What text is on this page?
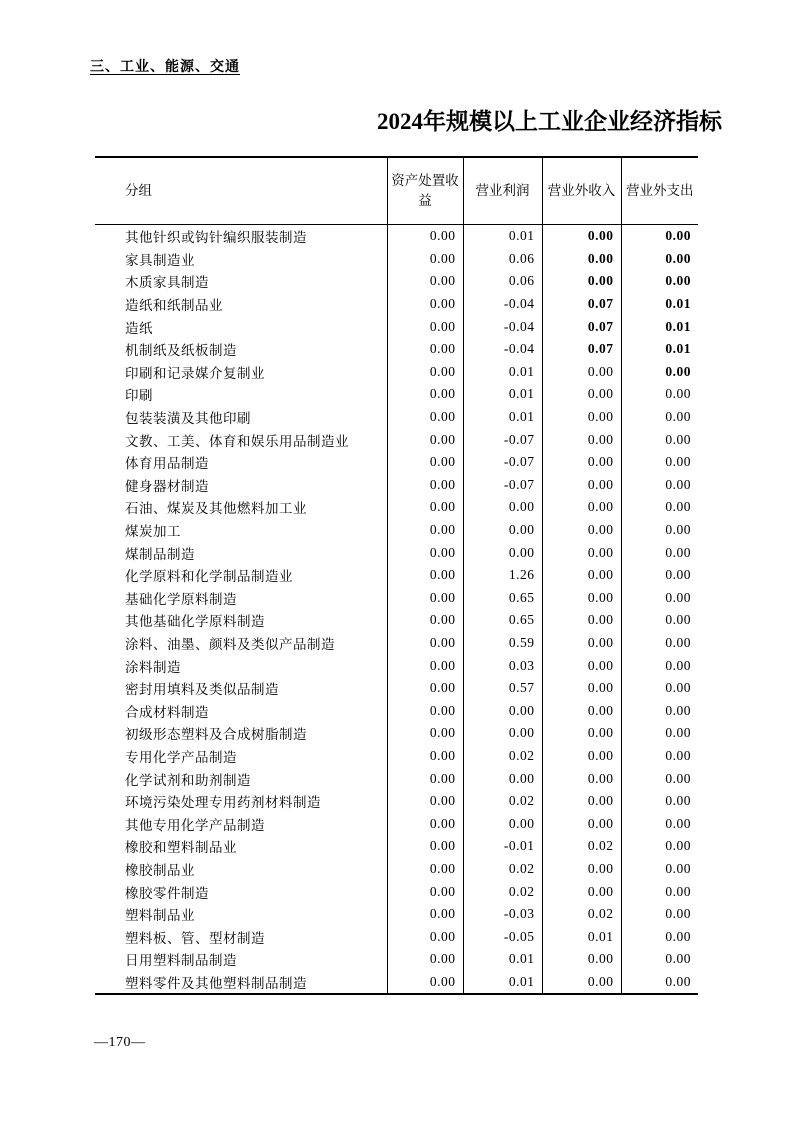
三、工业、能源、交通
2024年规模以上工业企业经济指标
分组	资产处置收益	营业利润	营业外收入	营业外支出
其他针织或钩针编织服装制造	0.00	0.01	0.00	0.00
家具制造业	0.00	0.06	0.00	0.00
木质家具制造	0.00	0.06	0.00	0.00
造纸和纸制品业	0.00	-0.04	0.07	0.01
造纸	0.00	-0.04	0.07	0.01
机制纸及纸板制造	0.00	-0.04	0.07	0.01
印刷和记录媒介复制业	0.00	0.01	0.00	0.00
印刷	0.00	0.01	0.00	0.00
包装装潢及其他印刷	0.00	0.01	0.00	0.00
文教、工美、体育和娱乐用品制造业	0.00	-0.07	0.00	0.00
体育用品制造	0.00	-0.07	0.00	0.00
健身器材制造	0.00	-0.07	0.00	0.00
石油、煤炭及其他燃料加工业	0.00	0.00	0.00	0.00
煤炭加工	0.00	0.00	0.00	0.00
煤制品制造	0.00	0.00	0.00	0.00
化学原料和化学制品制造业	0.00	1.26	0.00	0.00
基础化学原料制造	0.00	0.65	0.00	0.00
其他基础化学原料制造	0.00	0.65	0.00	0.00
涂料、油墨、颜料及类似产品制造	0.00	0.59	0.00	0.00
涂料制造	0.00	0.03	0.00	0.00
密封用填料及类似品制造	0.00	0.57	0.00	0.00
合成材料制造	0.00	0.00	0.00	0.00
初级形态塑料及合成树脂制造	0.00	0.00	0.00	0.00
专用化学产品制造	0.00	0.02	0.00	0.00
化学试剂和助剂制造	0.00	0.00	0.00	0.00
环境污染处理专用药剂材料制造	0.00	0.02	0.00	0.00
其他专用化学产品制造	0.00	0.00	0.00	0.00
橡胶和塑料制品业	0.00	-0.01	0.02	0.00
橡胶制品业	0.00	0.02	0.00	0.00
橡胶零件制造	0.00	0.02	0.00	0.00
塑料制品业	0.00	-0.03	0.02	0.00
塑料板、管、型材制造	0.00	-0.05	0.01	0.00
日用塑料制品制造	0.00	0.01	0.00	0.00
塑料零件及其他塑料制品制造	0.00	0.01	0.00	0.00
—170—
